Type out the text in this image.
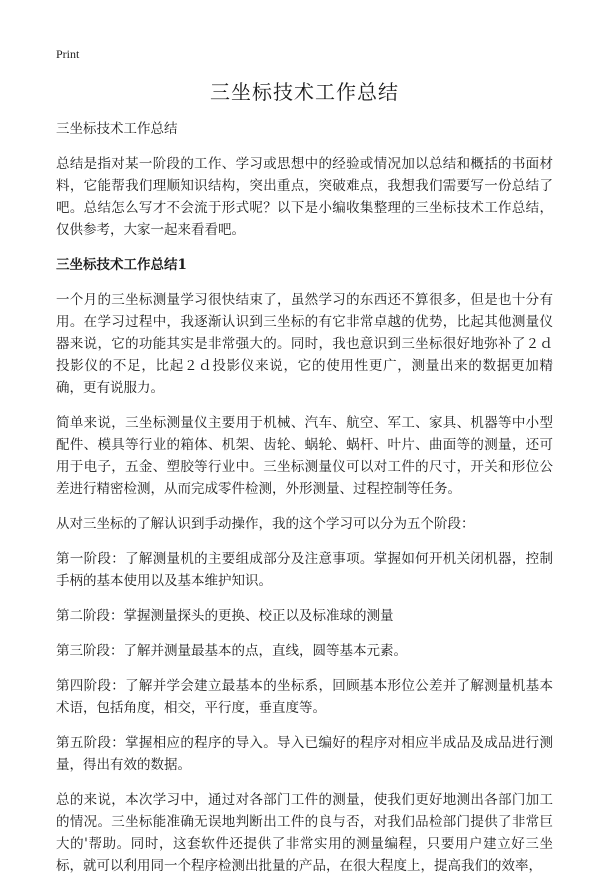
Print
三坐标技术工作总结
三坐标技术工作总结

总结是指对某一阶段的工作、学习或思想中的经验或情况加以总结和概括的书面材料，它能帮我们理顺知识结构，突出重点，突破难点，我想我们需要写一份总结了吧。总结怎么写才不会流于形式呢？以下是小编收集整理的三坐标技术工作总结，仅供参考，大家一起来看看吧。

三坐标技术工作总结1

一个月的三坐标测量学习很快结束了，虽然学习的东西还不算很多，但是也十分有用。在学习过程中，我逐渐认识到三坐标的有它非常卓越的优势，比起其他测量仪器来说，它的功能其实是非常强大的。同时，我也意识到三坐标很好地弥补了２ｄ投影仪的不足，比起２ｄ投影仪来说，它的使用性更广，测量出来的数据更加精确，更有说服力。

简单来说，三坐标测量仪主要用于机械、汽车、航空、军工、家具、机器等中小型配件、模具等行业的箱体、机架、齿轮、蜗轮、蜗杆、叶片、曲面等的测量，还可用于电子，五金、塑胶等行业中。三坐标测量仪可以对工件的尺寸，开关和形位公差进行精密检测，从而完成零件检测，外形测量、过程控制等任务。

从对三坐标的了解认识到手动操作，我的这个学习可以分为五个阶段：

第一阶段：了解测量机的主要组成部分及注意事项。掌握如何开机关闭机器，控制手柄的基本使用以及基本维护知识。

第二阶段：掌握测量探头的更换、校正以及标准球的测量

第三阶段：了解并测量最基本的点，直线，圆等基本元素。

第四阶段：了解并学会建立最基本的坐标系，回顾基本形位公差并了解测量机基本术语，包括角度，相交，平行度，垂直度等。

第五阶段：掌握相应的程序的导入。导入已编好的程序对相应半成品及成品进行测量，得出有效的数据。

总的来说，本次学习中，通过对各部门工件的测量，使我们更好地测出各部门加工的情况。三坐标能准确无误地判断出工件的良与否，对我们品检部门提供了非常巨大的'帮助。同时，这套软件还提供了非常实用的测量编程，只要用户建立好三坐标，就可以利用同一个程序检测出批量的产品，在很大程度上，提高我们的效率，
